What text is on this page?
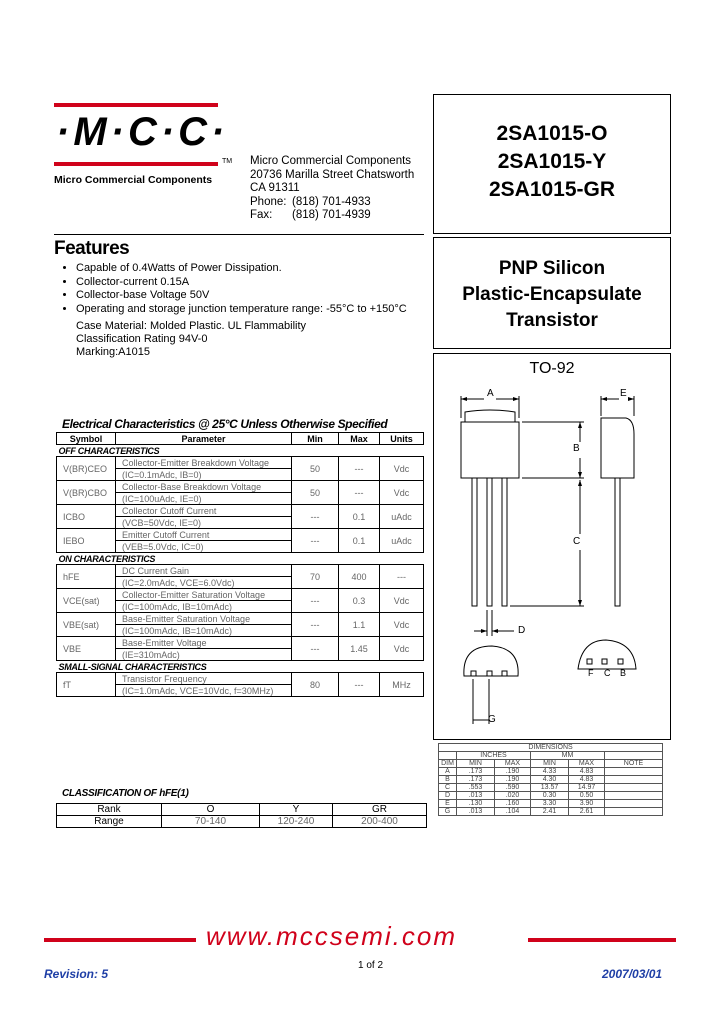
·M·C·C·
TM
Micro Commercial Components
Micro Commercial Components
20736 Marilla Street Chatsworth
CA 91311
Phone: (818) 701-4933
Fax: (818) 701-4939
2SA1015-O
2SA1015-Y
2SA1015-GR
PNP Silicon
Plastic-Encapsulate
Transistor
TO-92
A	E
B
C
D
G
F C B
Features
• Capable of 0.4Watts of Power Dissipation.
• Collector-current 0.15A
• Collector-base Voltage 50V
• Operating and storage junction temperature range: -55°C to +150°C
Case Material: Molded Plastic. UL Flammability
Classification Rating 94V-0
Marking:A1015
Electrical Characteristics @ 25°C Unless Otherwise Specified
Symbol	Parameter	Min	Max	Units
OFF CHARACTERISTICS				
V(BR)CEO	Collector-Emitter Breakdown Voltage	50	---	Vdc
	(IC=0.1mAdc, IB=0)			
V(BR)CBO	Collector-Base Breakdown Voltage	50	---	Vdc
	(IC=100uAdc, IE=0)			
ICBO	Collector Cutoff Current	---	0.1	uAdc
	(VCB=50Vdc, IE=0)			
IEBO	Emitter Cutoff Current	---	0.1	uAdc
	(VEB=5.0Vdc, IC=0)			
ON CHARACTERISTICS				
hFE	DC Current Gain	70	400	---
	(IC=2.0mAdc, VCE=6.0Vdc)			
VCE(sat)	Collector-Emitter Saturation Voltage	---	0.3	Vdc
	(IC=100mAdc, IB=10mAdc)			
VBE(sat)	Base-Emitter Saturation Voltage	---	1.1	Vdc
	(IC=100mAdc, IB=10mAdc)			
VBE	Base-Emitter Voltage	---	1.45	Vdc
	(IE=310mAdc)			
SMALL-SIGNAL CHARACTERISTICS				
fT	Transistor Frequency	80	---	MHz
	(IC=1.0mAdc, VCE=10Vdc, f=30MHz)			
CLASSIFICATION OF hFE(1)
Rank	O	Y	GR
Range	70-140	120-240	200-400
DIMENSIONS					
	INCHES		MM		
DIM	MIN	MAX	MIN	MAX	NOTE
A	.173	.190	4.33	4.83	
B	.173	.190	4.30	4.83	
C	.553	.590	13.57	14.97	
D	.013	.020	0.30	0.50	
E	.130	.160	3.30	3.90	
G	.013	.104	2.41	2.61	
www.mccsemi.com
Revision: 5
1 of 2
2007/03/01
